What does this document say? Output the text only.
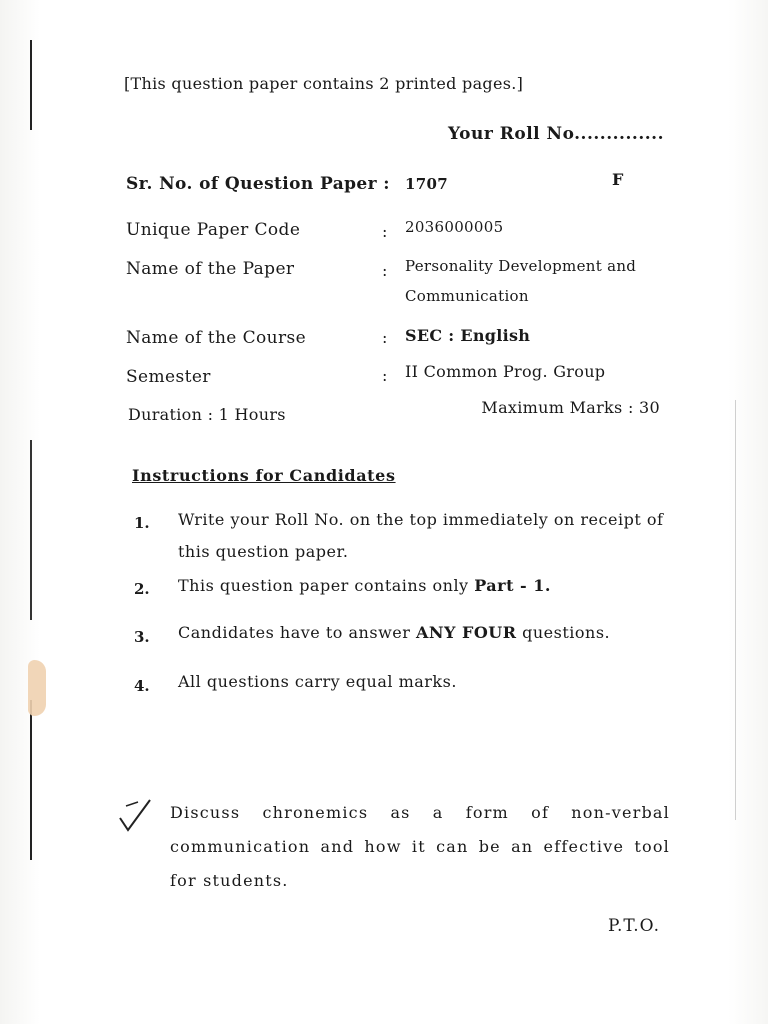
[This question paper contains 2 printed pages.]
Your Roll No..............
Sr. No. of Question Paper : 1707	F
Unique Paper Code	: 2036000005
Name of the Paper	: Personality Development and
Communication
Name of the Course	: SEC : English
Semester	: II Common Prog. Group
Duration : 1 Hours	Maximum Marks : 30
Instructions for Candidates
1. Write your Roll No. on the top immediately on receipt of this question paper.
2. This question paper contains only Part - 1.
3. Candidates have to answer ANY FOUR questions.
4. All questions carry equal marks.
Discuss chronemics as a form of non-verbal communication and how it can be an effective tool for students.
P.T.O.
